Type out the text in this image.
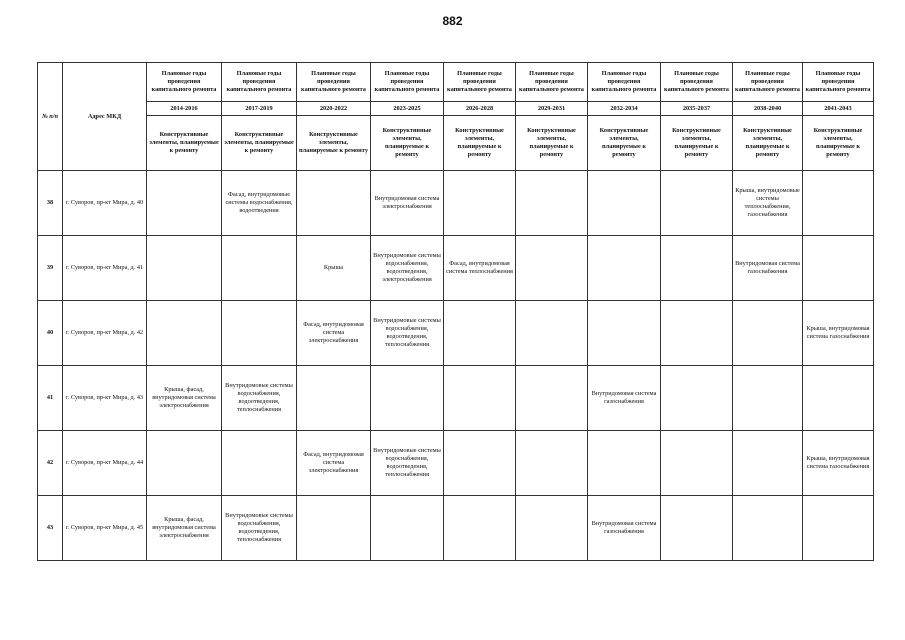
882
№ п/п	Адрес МКД	Плановые годы проведения капитального ремонта	Плановые годы проведения капитального ремонта	Плановые годы проведения капитального ремонта	Плановые годы проведения капитального ремонта	Плановые годы проведения капитального ремонта	Плановые годы проведения капитального ремонта	Плановые годы проведения капитального ремонта	Плановые годы проведения капитального ремонта	Плановые годы проведения капитального ремонта	Плановые годы проведения капитального ремонта
		2014-2016	2017-2019	2020-2022	2023-2025	2026-2028	2029-2031	2032-2034	2035-2037	2038-2040	2041-2043
		Конструктивные элементы, планируемые к ремонту	Конструктивные элементы, планируемые к ремонту	Конструктивные элементы, планируемые к ремонту	Конструктивные элементы, планируемые к ремонту	Конструктивные элементы, планируемые к ремонту	Конструктивные элементы, планируемые к ремонту	Конструктивные элементы, планируемые к ремонту	Конструктивные элементы, планируемые к ремонту	Конструктивные элементы, планируемые к ремонту	Конструктивные элементы, планируемые к ремонту
38	г. Суворов, пр-кт Мира, д. 40		Фасад, внутридомовые системы водоснабжения, водоотведения		Внутридомовая система электроснабжения					Крыша, внутридомовые системы теплоснабжения, газоснабжения	
39	г. Суворов, пр-кт Мира, д. 41			Крыша	Внутридомовые системы водоснабжения, водоотведения, электроснабжения	Фасад, внутридомовая система теплоснабжения				Внутридомовая система газоснабжения	
40	г. Суворов, пр-кт Мира, д. 42			Фасад, внутридомовая система электроснабжения	Внутридомовые системы водоснабжения, водоотведения, теплоснабжения						Крыша, внутридомовая система газоснабжения
41	г. Суворов, пр-кт Мира, д. 43	Крыша, фасад, внутридомовая система электроснабжения	Внутридомовые системы водоснабжения, водоотведения, теплоснабжения					Внутридомовая система газоснабжения			
42	г. Суворов, пр-кт Мира, д. 44			Фасад, внутридомовая система электроснабжения	Внутридомовые системы водоснабжения, водоотведения, теплоснабжения						Крыша, внутридомовая система газоснабжения
43	г. Суворов, пр-кт Мира, д. 45	Крыша, фасад, внутридомовая система электроснабжения	Внутридомовые системы водоснабжения, водоотведения, теплоснабжения					Внутридомовая система газоснабжения			
